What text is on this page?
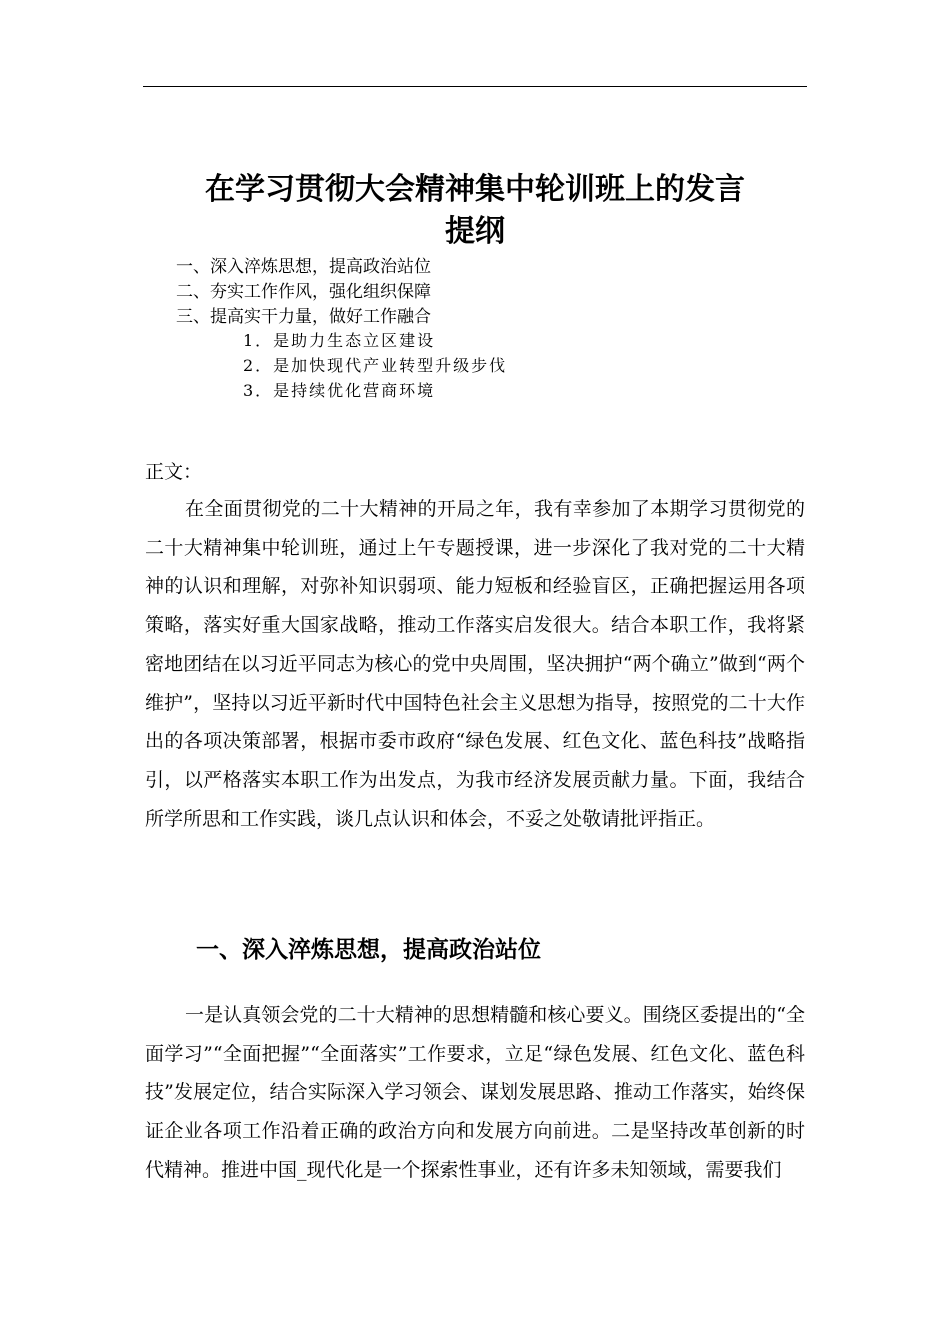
在学习贯彻大会精神集中轮训班上的发言
提纲
一、深入淬炼思想，提高政治站位
二、夯实工作作风，强化组织保障
三、提高实干力量，做好工作融合
1．是助力生态立区建设
2．是加快现代产业转型升级步伐
3．是持续优化营商环境
正文：

在全面贯彻党的二十大精神的开局之年，我有幸参加了本期学习贯彻党的二十大精神集中轮训班，通过上午专题授课，进一步深化了我对党的二十大精神的认识和理解，对弥补知识弱项、能力短板和经验盲区，正确把握运用各项策略，落实好重大国家战略，推动工作落实启发很大。结合本职工作，我将紧密地团结在以习近平同志为核心的党中央周围，坚决拥护“两个确立”做到“两个维护”，坚持以习近平新时代中国特色社会主义思想为指导，按照党的二十大作出的各项决策部署，根据市委市政府“绿色发展、红色文化、蓝色科技”战略指引，以严格落实本职工作为出发点，为我市经济发展贡献力量。下面，我结合所学所思和工作实践，谈几点认识和体会，不妥之处敬请批评指正。

一、深入淬炼思想，提高政治站位

一是认真领会党的二十大精神的思想精髓和核心要义。围绕区委提出的“全面学习”“全面把握”“全面落实”工作要求，立足“绿色发展、红色文化、蓝色科技”发展定位，结合实际深入学习领会、谋划发展思路、推动工作落实，始终保证企业各项工作沿着正确的政治方向和发展方向前进。二是坚持改革创新的时代精神。推进中国_现代化是一个探索性事业，还有许多未知领域，需要我们
